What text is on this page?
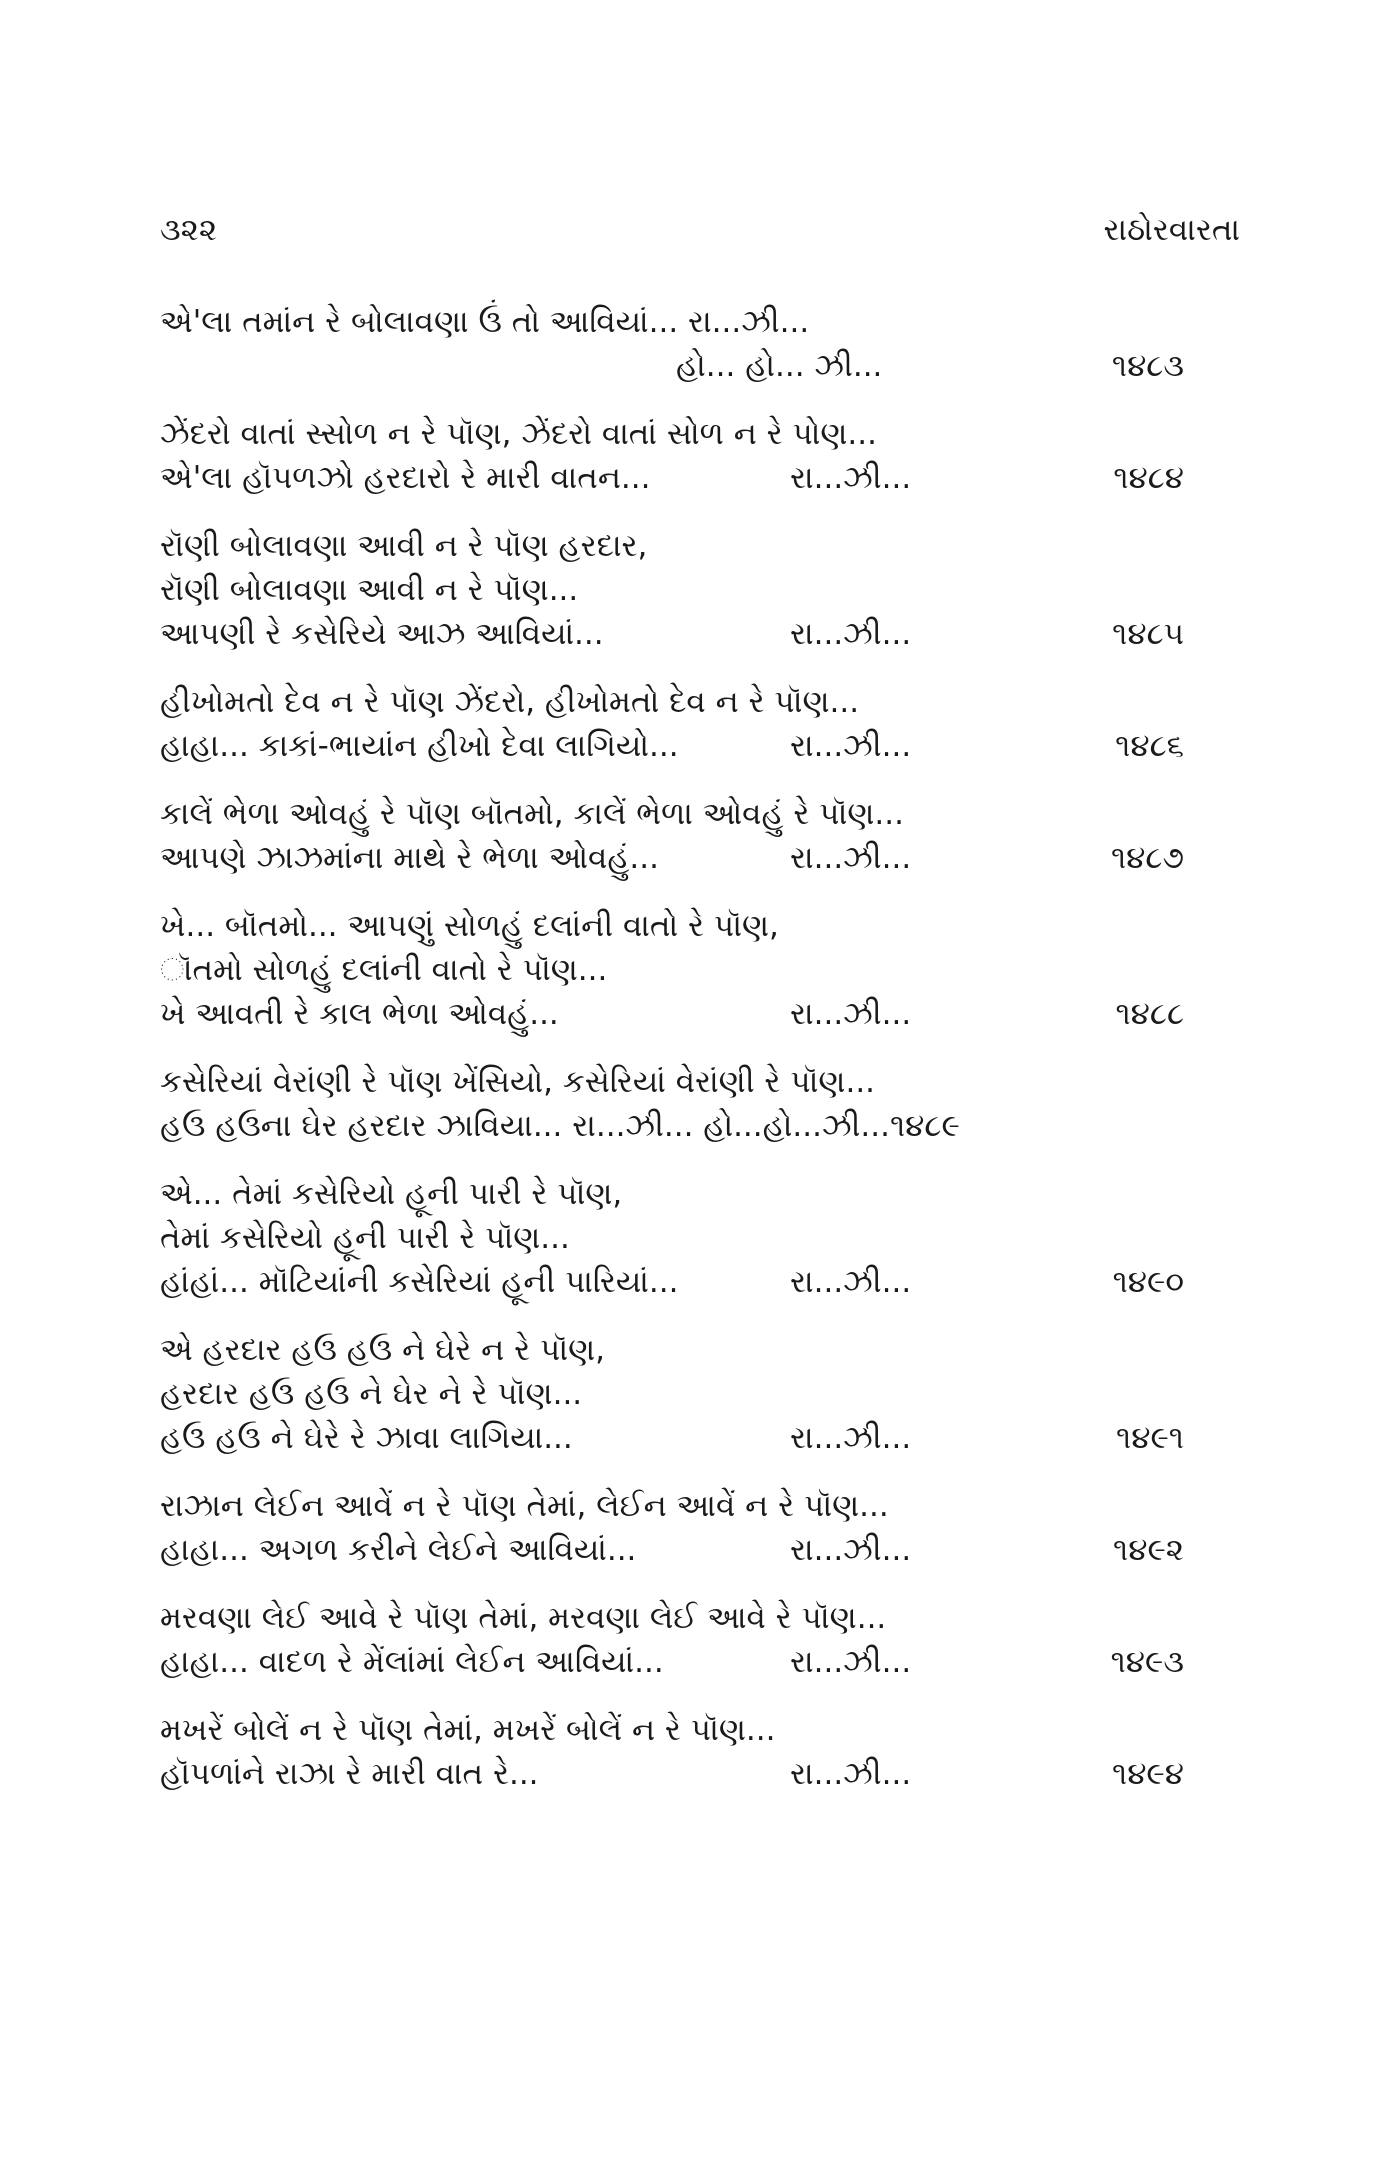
૩૨૨	રાઠોરવારતા
એ'લા તમાંન રે બોલાવણા ઉં તો આવિયાં... રા...ઝી...
હો... હો... ઝી...	૧૪૮૩
ઝેંદરો વાતાં સ્સોળ ન રે પૉણ, ઝેંદરો વાતાં સોળ ન રે પોણ...
એ'લા હૉપળઝો હરદારો રે મારી વાતન...	રા...ઝી...	૧૪૮૪
રૉણી બોલાવણા આવી ન રે પૉણ હરદાર,
રૉણી બોલાવણા આવી ન રે પૉણ...
આપણી રે કસેરિયે આઝ આવિયાં...	રા...ઝી...	૧૪૮૫
હીખોમતો દેવ ન રે પૉણ ઝેંદરો, હીખોમતો દેવ ન રે પૉણ...
હાહા... કાકાં-ભાયાંન હીખો દેવા લાગિયો...	રા...ઝી...	૧૪૮૬
કાલેં ભેળા ઓવહું રે પૉણ બૉતમો, કાલેં ભેળા ઓવહું રે પૉણ...
આપણે ઝાઝમાંના માથે રે ભેળા ઓવહું...	રા...ઝી...	૧૪૮૭
ખે... બૉતમો... આપણું સોળહું દલાંની વાતો રે પૉણ,
ૉતમો સોળહું દલાંની વાતો રે પૉણ...
ખે આવતી રે કાલ ભેળા ઓવહું...	રા...ઝી...	૧૪૮૮
કસેરિયાં વેરાંણી રે પૉણ ખેંસિયો, કસેરિયાં વેરાંણી રે પૉણ...
હઉ હઉના ઘેર હરદાર ઝાવિયા... રા...ઝી... હો...હો...ઝી...૧૪૮૯
એ... તેમાં કસેરિયો હૂની પારી રે પૉણ,
તેમાં કસેરિયો હૂની પારી રે પૉણ...
હાંહાં... મૉટિયાંની કસેરિયાં હૂની પારિયાં...	રા...ઝી...	૧૪૯૦
એ હરદાર હઉ હઉ ને ઘેરે ન રે પૉણ,
હરદાર હઉ હઉ ને ઘેર ને રે પૉણ...
હઉ હઉ ને ઘેરે રે ઝાવા લાગિયા...	રા...ઝી...	૧૪૯૧
રાઝાન લેઈન આવેં ન રે પૉણ તેમાં, લેઈન આવેં ન રે પૉણ...
હાહા... અગળ કરીને લેઈને આવિયાં...	રા...ઝી...	૧૪૯૨
મરવણા લેઈ આવે રે પૉણ તેમાં, મરવણા લેઈ આવે રે પૉણ...
હાહા... વાદળ રે મેંલાંમાં લેઈન આવિયાં...	રા...ઝી...	૧૪૯૩
મખરેં બોલેં ન રે પૉણ તેમાં, મખરેં બોલેં ન રે પૉણ...
હૉપળાંને રાઝા રે મારી વાત રે...	રા...ઝી...	૧૪૯૪
